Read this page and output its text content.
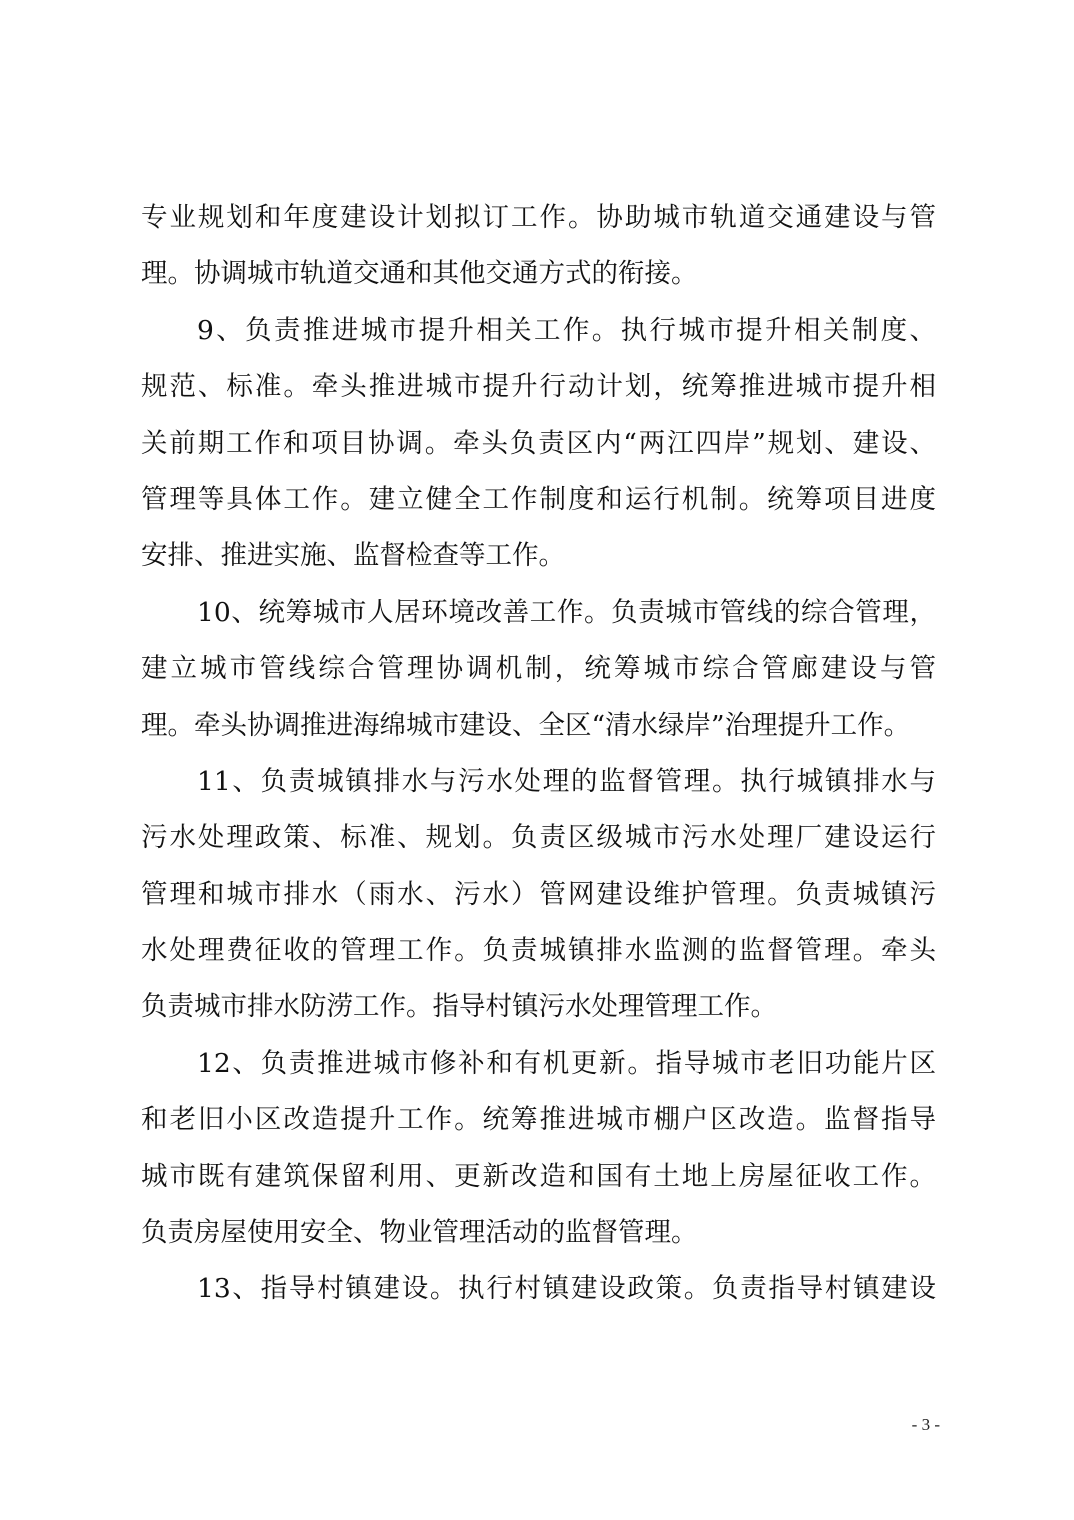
专业规划和年度建设计划拟订工作。协助城市轨道交通建设与管
理。协调城市轨道交通和其他交通方式的衔接。
9、负责推进城市提升相关工作。执行城市提升相关制度、
规范、标准。牵头推进城市提升行动计划，统筹推进城市提升相
关前期工作和项目协调。牵头负责区内“两江四岸”规划、建设、
管理等具体工作。建立健全工作制度和运行机制。统筹项目进度
安排、推进实施、监督检查等工作。
10、统筹城市人居环境改善工作。负责城市管线的综合管理，
建立城市管线综合管理协调机制，统筹城市综合管廊建设与管
理。牵头协调推进海绵城市建设、全区“清水绿岸”治理提升工作。
11、负责城镇排水与污水处理的监督管理。执行城镇排水与
污水处理政策、标准、规划。负责区级城市污水处理厂建设运行
管理和城市排水（雨水、污水）管网建设维护管理。负责城镇污
水处理费征收的管理工作。负责城镇排水监测的监督管理。牵头
负责城市排水防涝工作。指导村镇污水处理管理工作。
12、负责推进城市修补和有机更新。指导城市老旧功能片区
和老旧小区改造提升工作。统筹推进城市棚户区改造。监督指导
城市既有建筑保留利用、更新改造和国有土地上房屋征收工作。
负责房屋使用安全、物业管理活动的监督管理。
13、指导村镇建设。执行村镇建设政策。负责指导村镇建设
- 3 -
